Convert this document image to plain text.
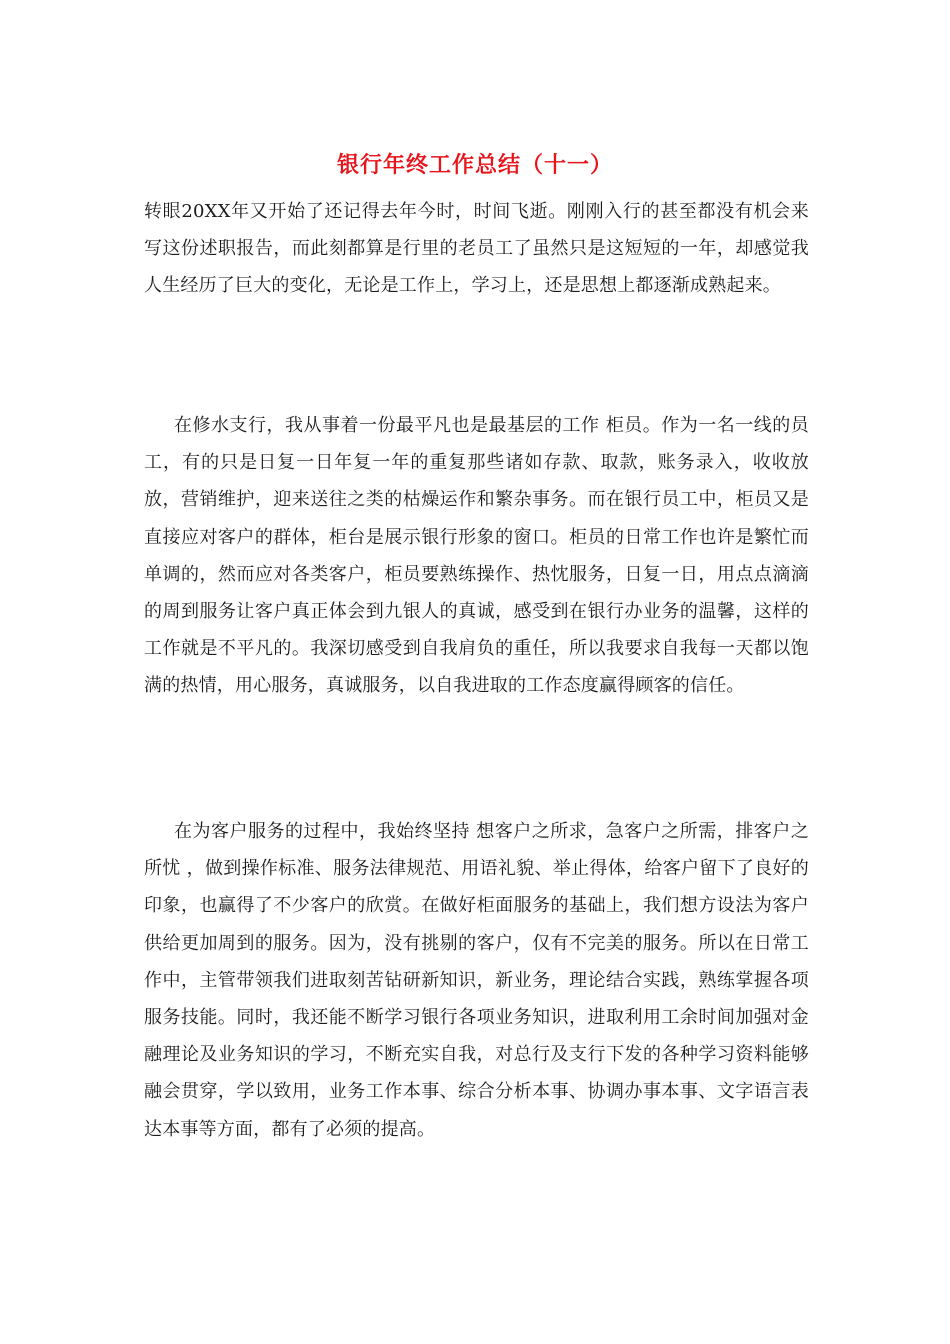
银行年终工作总结（十一）
转眼20XX年又开始了还记得去年今时，时间飞逝。刚刚入行的甚至都没有机会来写这份述职报告，而此刻都算是行里的老员工了虽然只是这短短的一年，却感觉我人生经历了巨大的变化，无论是工作上，学习上，还是思想上都逐渐成熟起来。
在修水支行，我从事着一份最平凡也是最基层的工作 柜员。作为一名一线的员工，有的只是日复一日年复一年的重复那些诸如存款、取款，账务录入，收收放放，营销维护，迎来送往之类的枯燥运作和繁杂事务。而在银行员工中，柜员又是直接应对客户的群体，柜台是展示银行形象的窗口。柜员的日常工作也许是繁忙而单调的，然而应对各类客户，柜员要熟练操作、热忱服务，日复一日，用点点滴滴的周到服务让客户真正体会到九银人的真诚，感受到在银行办业务的温馨，这样的工作就是不平凡的。我深切感受到自我肩负的重任，所以我要求自我每一天都以饱满的热情，用心服务，真诚服务，以自我进取的工作态度赢得顾客的信任。
在为客户服务的过程中，我始终坚持 想客户之所求，急客户之所需，排客户之所忧 ，做到操作标准、服务法律规范、用语礼貌、举止得体，给客户留下了良好的印象，也赢得了不少客户的欣赏。在做好柜面服务的基础上，我们想方设法为客户供给更加周到的服务。因为，没有挑剔的客户，仅有不完美的服务。所以在日常工作中，主管带领我们进取刻苦钻研新知识，新业务，理论结合实践，熟练掌握各项服务技能。同时，我还能不断学习银行各项业务知识，进取利用工余时间加强对金融理论及业务知识的学习，不断充实自我，对总行及支行下发的各种学习资料能够融会贯穿，学以致用，业务工作本事、综合分析本事、协调办事本事、文字语言表达本事等方面，都有了必须的提高。
